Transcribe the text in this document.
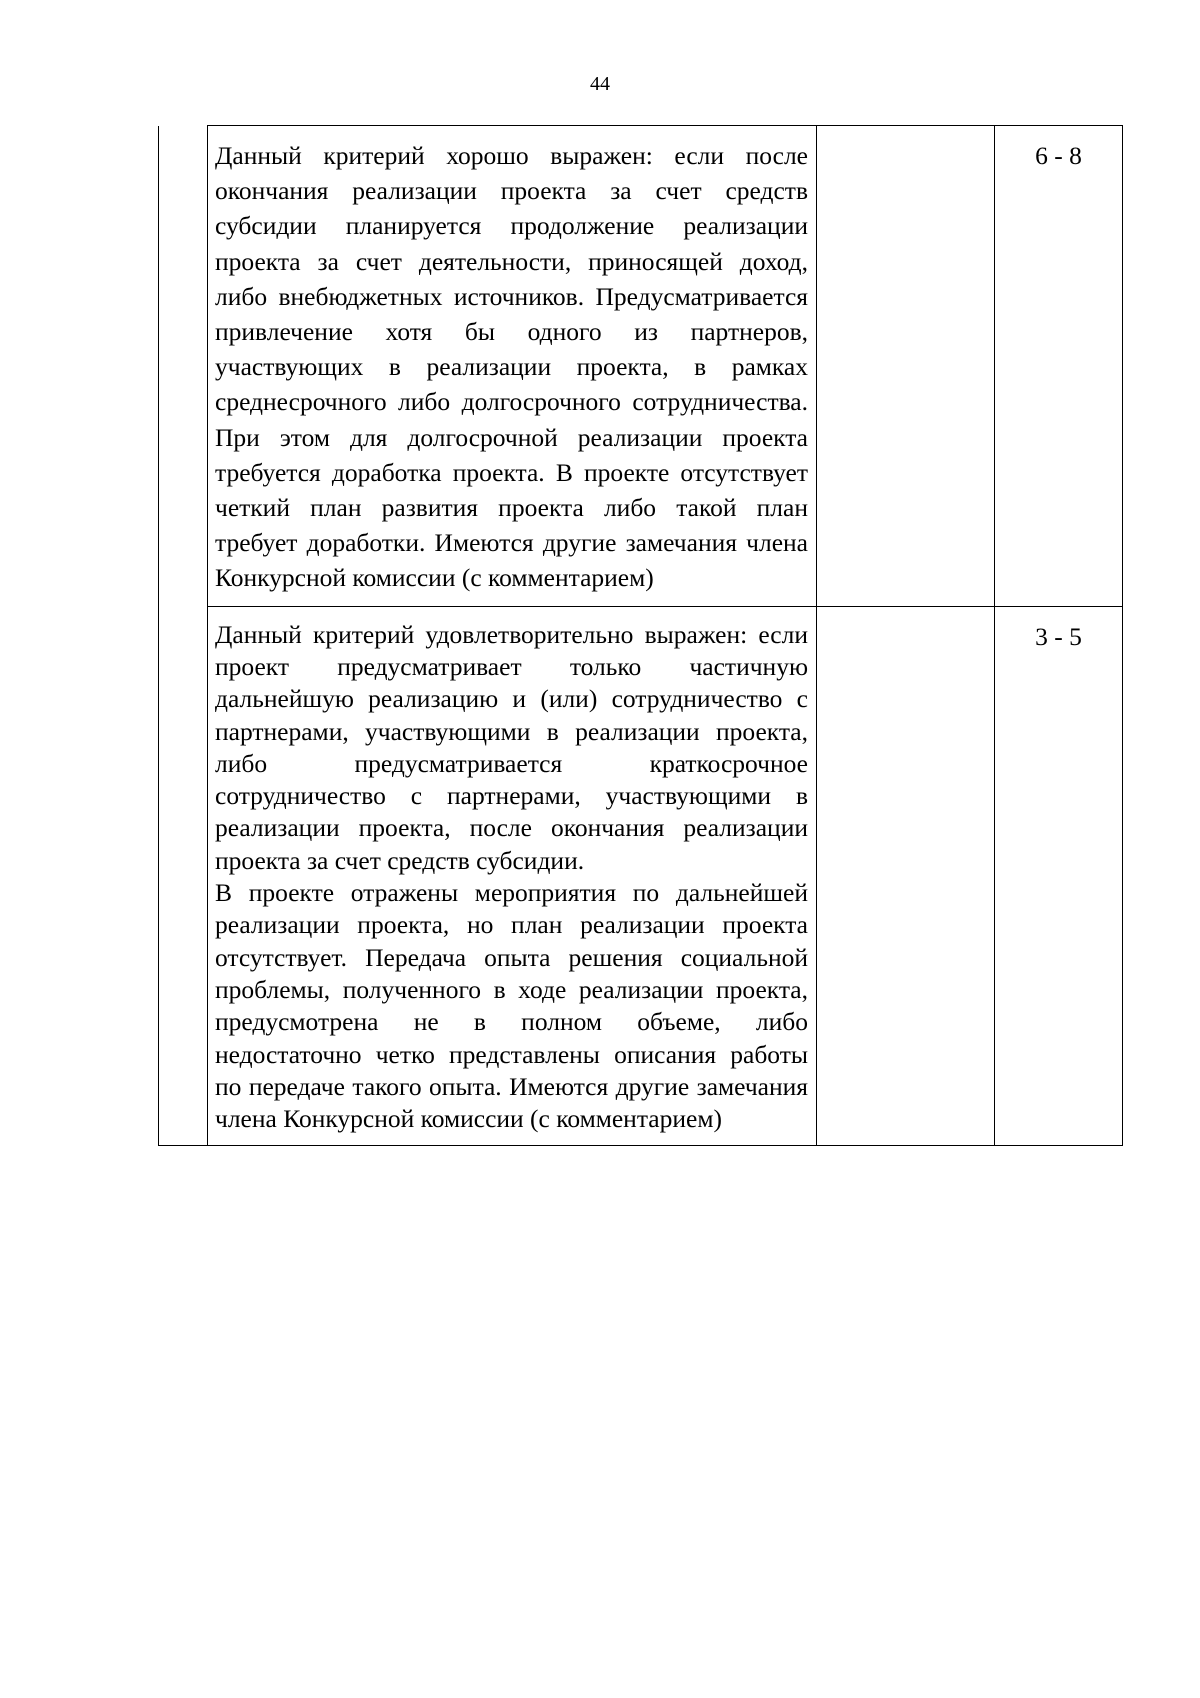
44

	Данный критерий хорошо выражен: если после окончания реализации проекта за счет средств субсидии планируется продолжение реализации проекта за счет деятельности, приносящей доход, либо внебюджетных источников. Предусматривается привлечение хотя бы одного из партнеров, участвующих в реализации проекта, в рамках среднесрочного либо долгосрочного сотрудничества. При этом для долгосрочной реализации проекта требуется доработка проекта. В проекте отсутствует четкий план развития проекта либо такой план требует доработки. Имеются другие замечания члена Конкурсной комиссии (с комментарием)		6 - 8

	Данный критерий удовлетворительно выражен: если проект предусматривает только частичную дальнейшую реализацию и (или) сотрудничество с партнерами, участвующими в реализации проекта, либо предусматривается краткосрочное сотрудничество с партнерами, участвующими в реализации проекта, после окончания реализации проекта за счет средств субсидии.

В проекте отражены мероприятия по дальнейшей реализации проекта, но план реализации проекта отсутствует. Передача опыта решения социальной проблемы, полученного в ходе реализации проекта, предусмотрена не в полном объеме, либо недостаточно четко представлены описания работы по передаче такого опыта. Имеются другие замечания члена Конкурсной комиссии (с комментарием)		3 - 5
